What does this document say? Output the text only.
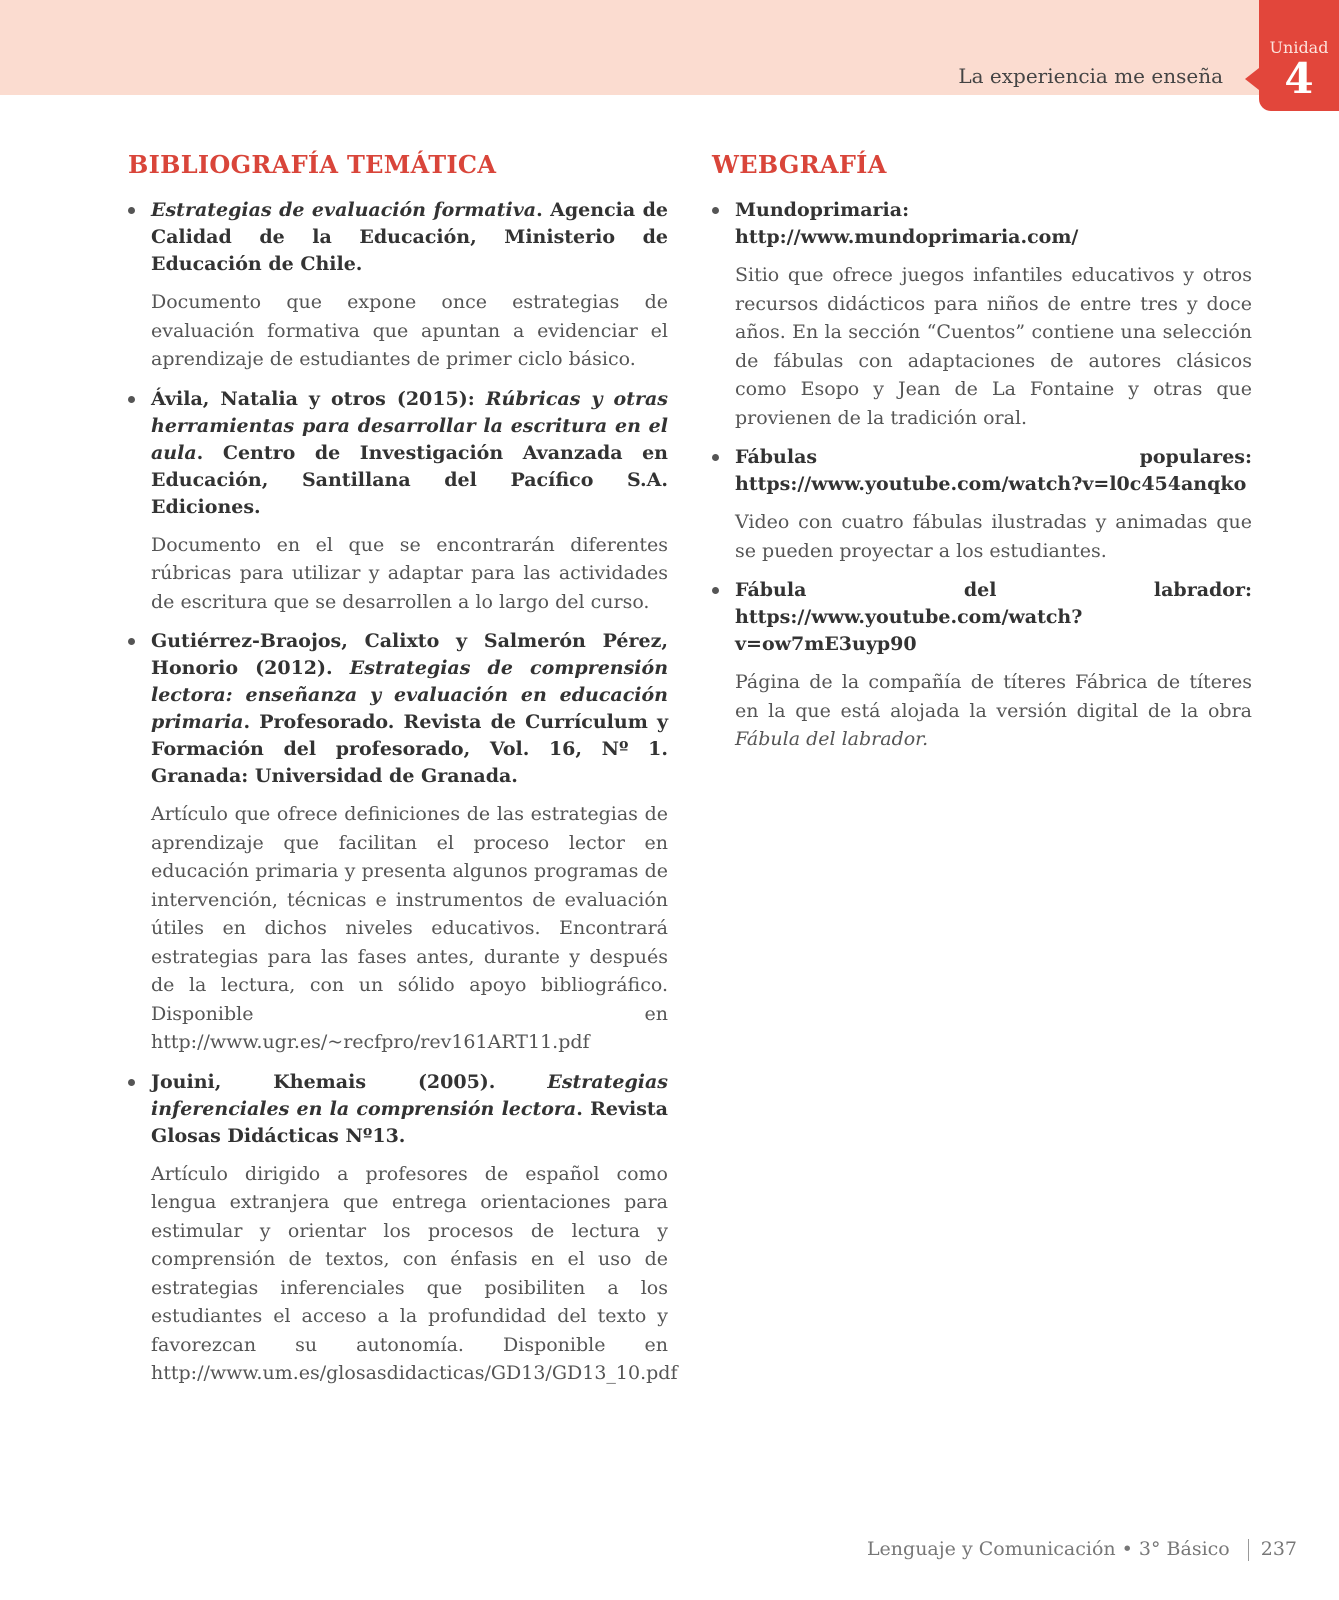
La experiencia me enseña
Unidad
4
BIBLIOGRAFÍA TEMÁTICA

Estrategias de evaluación formativa. Agencia de Calidad de la Educación, Ministerio de Educación de Chile.

Documento que expone once estrategias de evaluación formativa que apuntan a evidenciar el aprendizaje de estudiantes de primer ciclo básico.

Ávila, Natalia y otros (2015): Rúbricas y otras herramientas para desarrollar la escritura en el aula. Centro de Investigación Avanzada en Educación, Santillana del Pacífico S.A. Ediciones.

Documento en el que se encontrarán diferentes rúbricas para utilizar y adaptar para las actividades de escritura que se desarrollen a lo largo del curso.

Gutiérrez-Braojos, Calixto y Salmerón Pérez, Honorio (2012). Estrategias de comprensión lectora: enseñanza y evaluación en educación primaria. Profesorado. Revista de Currículum y Formación del profesorado, Vol. 16, Nº 1. Granada: Universidad de Granada.

Artículo que ofrece definiciones de las estrategias de aprendizaje que facilitan el proceso lector en educación primaria y presenta algunos programas de intervención, técnicas e instrumentos de evaluación útiles en dichos niveles educativos. Encontrará estrategias para las fases antes, durante y después de la lectura, con un sólido apoyo bibliográfico. Disponible en http://www.ugr.es/~recfpro/rev161ART11.pdf

Jouini, Khemais (2005). Estrategias inferenciales en la comprensión lectora. Revista Glosas Didácticas Nº13.

Artículo dirigido a profesores de español como lengua extranjera que entrega orientaciones para estimular y orientar los procesos de lectura y comprensión de textos, con énfasis en el uso de estrategias inferenciales que posibiliten a los estudiantes el acceso a la profundidad del texto y favorezcan su autonomía. Disponible en http://www.um.es/glosasdidacticas/GD13/GD13_10.pdf

WEBGRAFÍA

Mundoprimaria: http://www.mundoprimaria.com/

Sitio que ofrece juegos infantiles educativos y otros recursos didácticos para niños de entre tres y doce años. En la sección “Cuentos” contiene una selección de fábulas con adaptaciones de autores clásicos como Esopo y Jean de La Fontaine y otras que provienen de la tradición oral.

Fábulas populares: https://www.youtube.com/watch?v=l0c454anqko

Video con cuatro fábulas ilustradas y animadas que se pueden proyectar a los estudiantes.

Fábula del labrador: https://www.youtube.com/watch?v=ow7mE3uyp90

Página de la compañía de títeres Fábrica de títeres en la que está alojada la versión digital de la obra Fábula del labrador.

Lenguaje y Comunicación • 3° Básico 237
